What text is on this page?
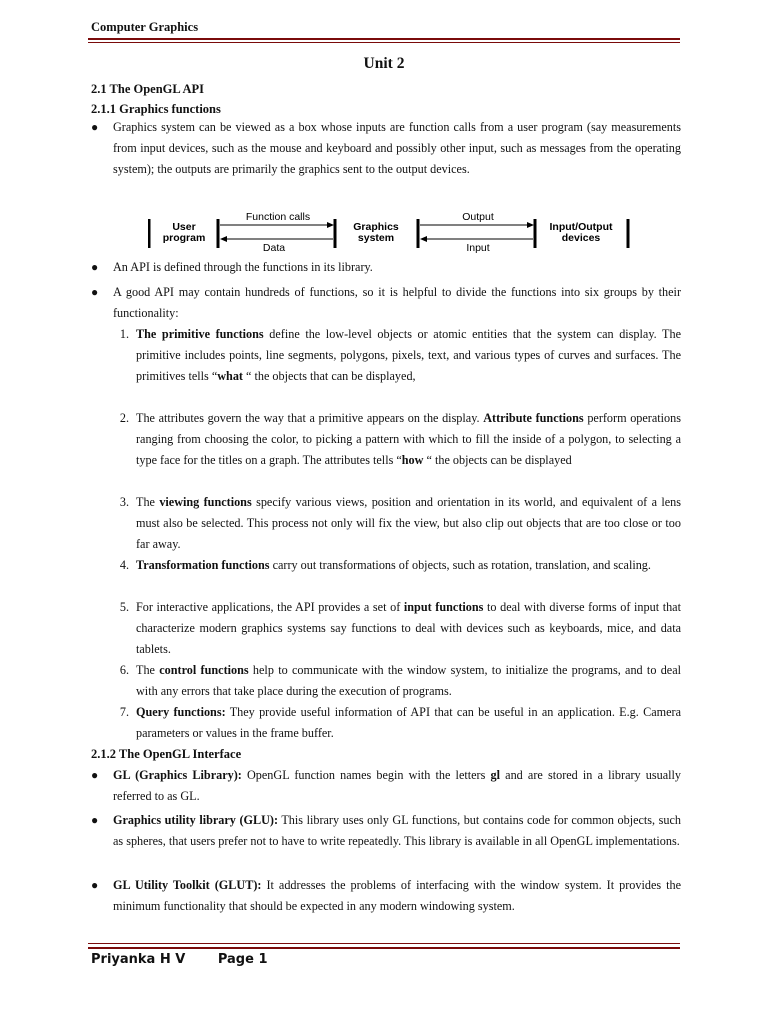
Computer Graphics
Unit 2
2.1 The OpenGL API
2.1.1 Graphics functions
● Graphics system can be viewed as a box whose inputs are function calls from a user program (say measurements from input devices, such as the mouse and keyboard and possibly other input, such as messages from the operating system); the outputs are primarily the graphics sent to the output devices.
User
program
Graphics
system
Input/Output
devices
Function calls
Data
Output
Input
● An API is defined through the functions in its library.
● A good API may contain hundreds of functions, so it is helpful to divide the functions into six groups by their functionality:
1. The primitive functions define the low-level objects or atomic entities that the system can display. The primitive includes points, line segments, polygons, pixels, text, and various types of curves and surfaces. The primitives tells “what “ the objects that can be displayed,
2. The attributes govern the way that a primitive appears on the display. Attribute functions perform operations ranging from choosing the color, to picking a pattern with which to fill the inside of a polygon, to selecting a type face for the titles on a graph. The attributes tells “how “ the objects can be displayed
3. The viewing functions specify various views, position and orientation in its world, and equivalent of a lens must also be selected. This process not only will fix the view, but also clip out objects that are too close or too far away.
4. Transformation functions carry out transformations of objects, such as rotation, translation, and scaling.
5. For interactive applications, the API provides a set of input functions to deal with diverse forms of input that characterize modern graphics systems say functions to deal with devices such as keyboards, mice, and data tablets.
6. The control functions help to communicate with the window system, to initialize the programs, and to deal with any errors that take place during the execution of programs.
7. Query functions: They provide useful information of API that can be useful in an application. E.g. Camera parameters or values in the frame buffer.
2.1.2 The OpenGL Interface
● GL (Graphics Library): OpenGL function names begin with the letters gl and are stored in a library usually referred to as GL.
● Graphics utility library (GLU): This library uses only GL functions, but contains code for common objects, such as spheres, that users prefer not to have to write repeatedly. This library is available in all OpenGL implementations.
● GL Utility Toolkit (GLUT): It addresses the problems of interfacing with the window system. It provides the minimum functionality that should be expected in any modern windowing system.
Priyanka H V	Page 1
